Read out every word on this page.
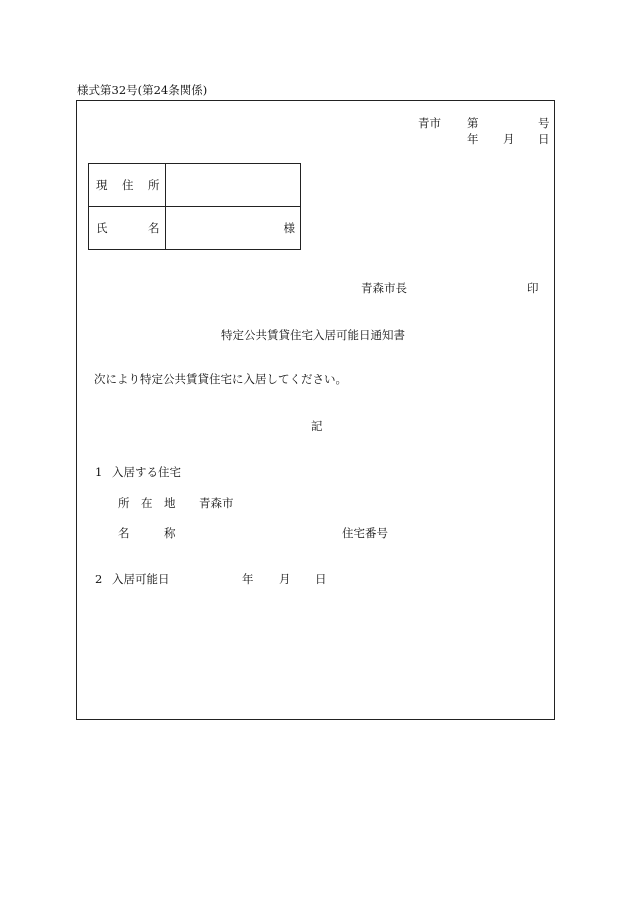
様式第32号(第24条関係)
青市 第	号
年 月 日
現 住 所	

氏 名	様
青森市長	印
特定公共賃貸住宅入居可能日通知書
次により特定公共賃貸住宅に入居してください。
記
1 入居する住宅
所 在 地 青森市
名	称	住宅番号
2 入居可能日	年 月 日
